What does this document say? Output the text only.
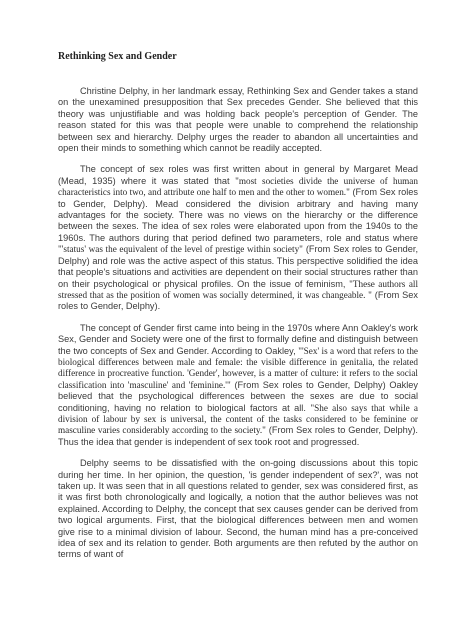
Rethinking Sex and Gender

Christine Delphy, in her landmark essay, Rethinking Sex and Gender takes a stand on the unexamined presupposition that Sex precedes Gender. She believed that this theory was unjustifiable and was holding back people's perception of Gender. The reason stated for this was that people were unable to comprehend the relationship between sex and hierarchy. Delphy urges the reader to abandon all uncertainties and open their minds to something which cannot be readily accepted.

The concept of sex roles was first written about in general by Margaret Mead (Mead, 1935) where it was stated that "most societies divide the universe of human characteristics into two, and attribute one half to men and the other to women." (From Sex roles to Gender, Delphy). Mead considered the division arbitrary and having many advantages for the society. There was no views on the hierarchy or the difference between the sexes. The idea of sex roles were elaborated upon from the 1940s to the 1960s. The authors during that period defined two parameters, role and status where "'status' was the equivalent of the level of prestige within society" (From Sex roles to Gender, Delphy) and role was the active aspect of this status. This perspective solidified the idea that people's situations and activities are dependent on their social structures rather than on their psychological or physical profiles. On the issue of feminism, "These authors all stressed that as the position of women was socially determined, it was changeable. " (From Sex roles to Gender, Delphy).

The concept of Gender first came into being in the 1970s where Ann Oakley's work Sex, Gender and Society were one of the first to formally define and distinguish between the two concepts of Sex and Gender. According to Oakley, "'Sex' is a word that refers to the biological differences between male and female: the visible difference in genitalia, the related difference in procreative function. 'Gender', however, is a matter of culture: it refers to the social classification into 'masculine' and 'feminine.'" (From Sex roles to Gender, Delphy) Oakley believed that the psychological differences between the sexes are due to social conditioning, having no relation to biological factors at all. "She also says that while a division of labour by sex is universal, the content of the tasks considered to be feminine or masculine varies considerably according to the society." (From Sex roles to Gender, Delphy). Thus the idea that gender is independent of sex took root and progressed.

Delphy seems to be dissatisfied with the on-going discussions about this topic during her time. In her opinion, the question, 'is gender independent of sex?', was not taken up. It was seen that in all questions related to gender, sex was considered first, as it was first both chronologically and logically, a notion that the author believes was not explained. According to Delphy, the concept that sex causes gender can be derived from two logical arguments. First, that the biological differences between men and women give rise to a minimal division of labour. Second, the human mind has a pre-conceived idea of sex and its relation to gender. Both arguments are then refuted by the author on terms of want of
